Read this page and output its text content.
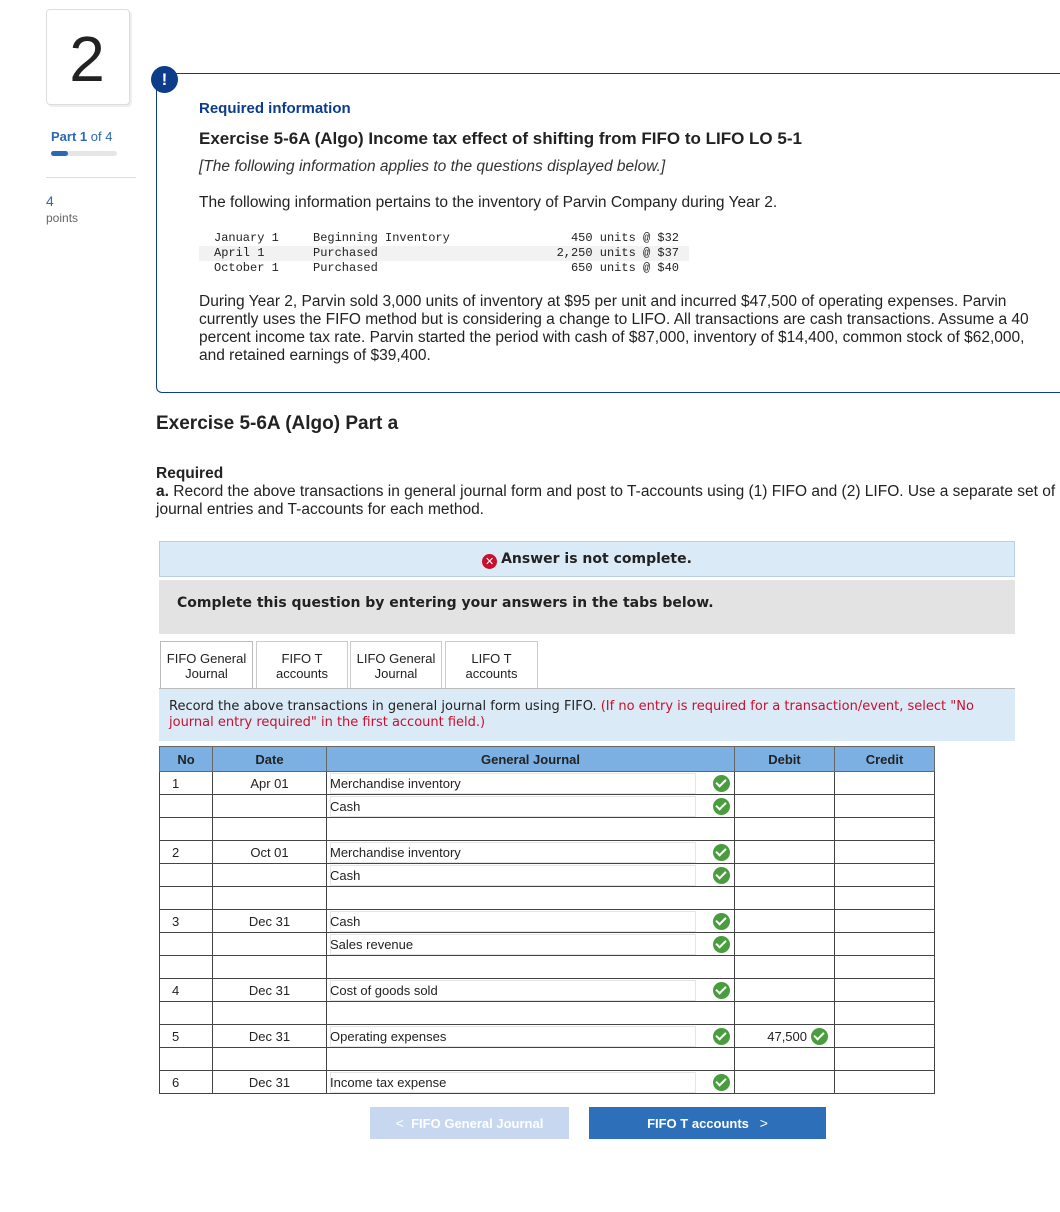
2
Part 1 of 4
4
points
!
Required information
Exercise 5-6A (Algo) Income tax effect of shifting from FIFO to LIFO LO 5-1
[The following information applies to the questions displayed below.]
The following information pertains to the inventory of Parvin Company during Year 2.
January 1	Beginning Inventory	450 units @ $32
April 1	Purchased	2,250 units @ $37
October 1	Purchased	650 units @ $40
During Year 2, Parvin sold 3,000 units of inventory at $95 per unit and incurred $47,500 of operating expenses. Parvin currently uses the FIFO method but is considering a change to LIFO. All transactions are cash transactions. Assume a 40 percent income tax rate. Parvin started the period with cash of $87,000, inventory of $14,400, common stock of $62,000, and retained earnings of $39,400.
Exercise 5-6A (Algo) Part a
Required
a. Record the above transactions in general journal form and post to T-accounts using (1) FIFO and (2) LIFO. Use a separate set of journal entries and T-accounts for each method.
✕ Answer is not complete.
Complete this question by entering your answers in the tabs below.
FIFO General
Journal
FIFO T
accounts
LIFO General
Journal
LIFO T
accounts
Record the above transactions in general journal form using FIFO. (If no entry is required for a transaction/event, select "No journal entry required" in the first account field.)
No	Date	General Journal	Debit	Credit
1	Apr 01	Merchandise inventory		

		Cash		

2	Oct 01	Merchandise inventory		

		Cash		

3	Dec 31	Cash		

		Sales revenue		

4	Dec 31	Cost of goods sold		

5	Dec 31	Operating expenses	47,500	

6	Dec 31	Income tax expense		

< FIFO General Journal	FIFO T accounts >
